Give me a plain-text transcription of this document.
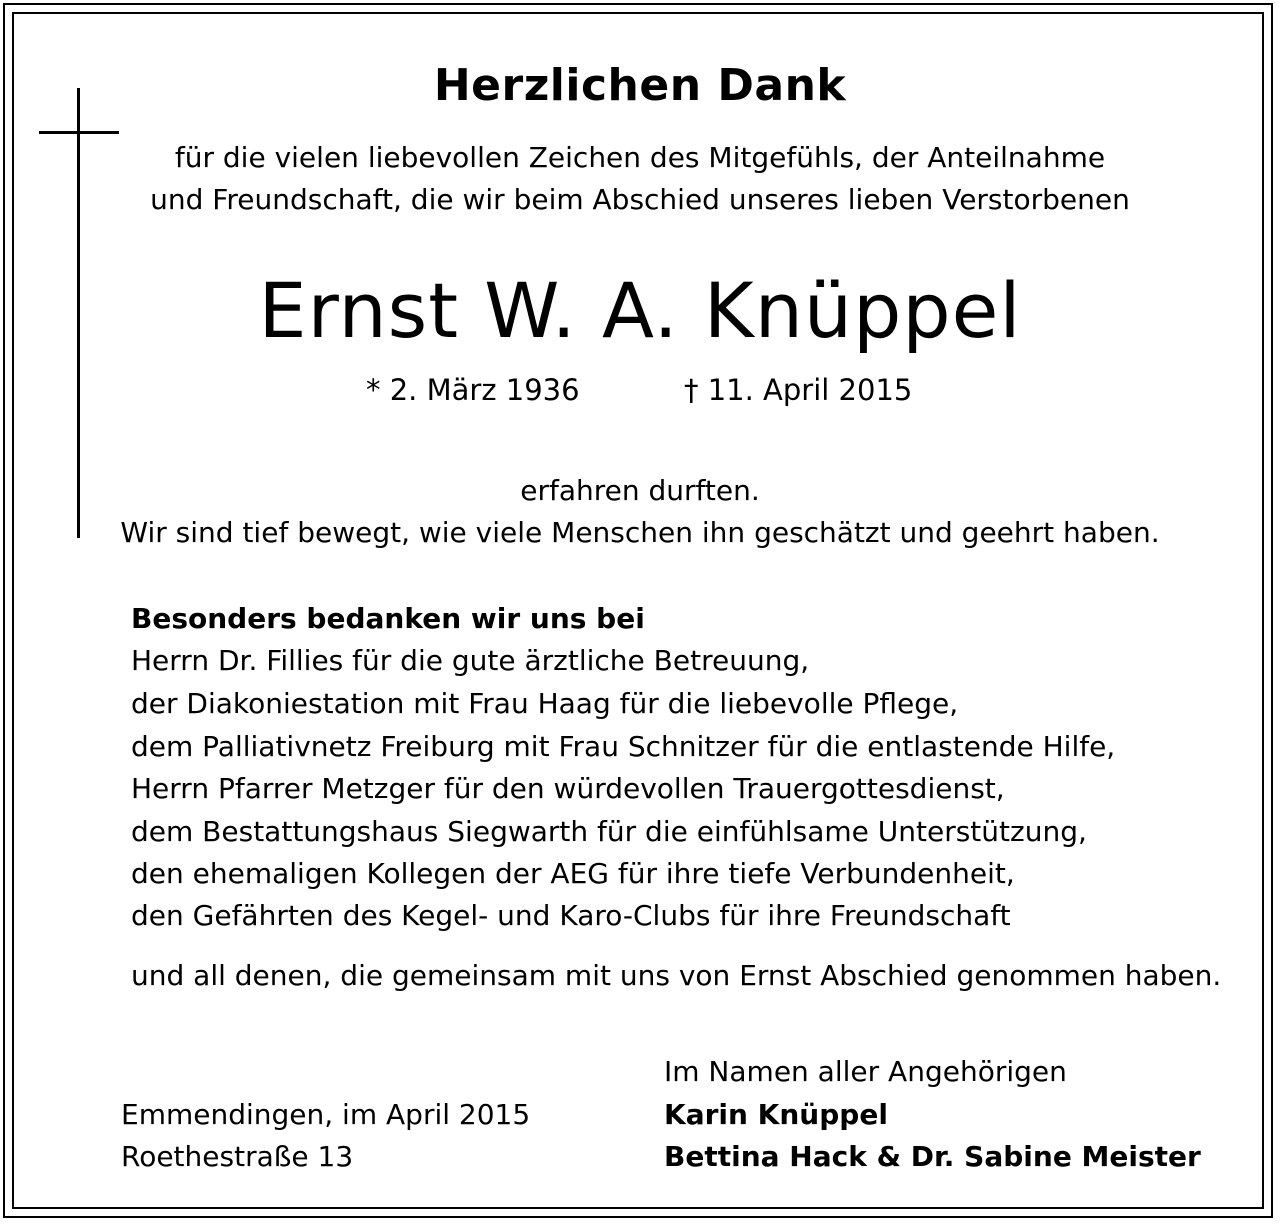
Herzlichen Dank
für die vielen liebevollen Zeichen des Mitgefühls, der Anteilnahme
und Freundschaft, die wir beim Abschied unseres lieben Verstorbenen
Ernst W. A. Knüppel
* 2. März 1936	† 11. April 2015
erfahren durften.
Wir sind tief bewegt, wie viele Menschen ihn geschätzt und geehrt haben.
Besonders bedanken wir uns bei
Herrn Dr. Fillies für die gute ärztliche Betreuung,
der Diakoniestation mit Frau Haag für die liebevolle Pflege,
dem Palliativnetz Freiburg mit Frau Schnitzer für die entlastende Hilfe,
Herrn Pfarrer Metzger für den würdevollen Trauergottesdienst,
dem Bestattungshaus Siegwarth für die einfühlsame Unterstützung,
den ehemaligen Kollegen der AEG für ihre tiefe Verbundenheit,
den Gefährten des Kegel- und Karo-Clubs für ihre Freundschaft
und all denen, die gemeinsam mit uns von Ernst Abschied genommen haben.
Im Namen aller Angehörigen
Karin Knüppel
Bettina Hack & Dr. Sabine Meister
Emmendingen, im April 2015
Roethestraße 13
